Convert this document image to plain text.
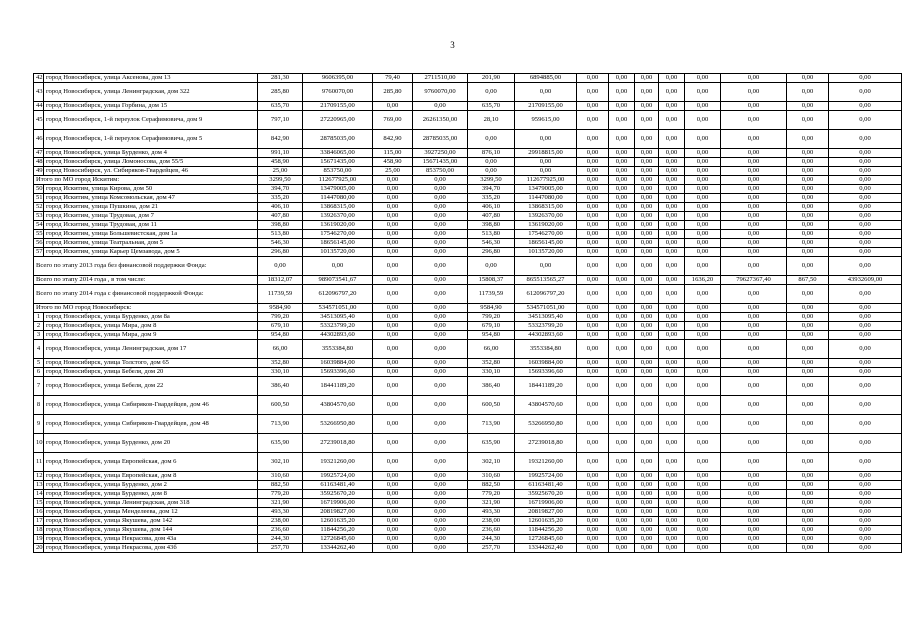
3
42	город Новосибирск, улица Аксенова, дом 13	281,30	9606395,00	79,40	2711510,00	201,90	6894885,00	0,00	0,00	0,00	0,00	0,00	0,00	0,00	0,00
43	город Новосибирск, улица Ленинградская, дом 322	285,80	9760070,00	285,80	9760070,00	0,00	0,00	0,00	0,00	0,00	0,00	0,00	0,00	0,00	0,00
44	город Новосибирск, улица Горбина, дом 15	635,70	21709155,00	0,00	0,00	635,70	21709155,00	0,00	0,00	0,00	0,00	0,00	0,00	0,00	0,00
45	город Новосибирск, 1-й переулок Серафимовича, дом 9	797,10	27220965,00	769,00	26261350,00	28,10	959615,00	0,00	0,00	0,00	0,00	0,00	0,00	0,00	0,00
46	город Новосибирск, 1-й переулок Серафимовича, дом 5	842,90	28785035,00	842,90	28785035,00	0,00	0,00	0,00	0,00	0,00	0,00	0,00	0,00	0,00	0,00
47	город Новосибирск, улица Бурденко, дом 4	991,10	33846065,00	115,00	3927250,00	876,10	29918815,00	0,00	0,00	0,00	0,00	0,00	0,00	0,00	0,00
48	город Новосибирск, улица Ломоносова, дом 55/5	458,90	15671435,00	458,90	15671435,00	0,00	0,00	0,00	0,00	0,00	0,00	0,00	0,00	0,00	0,00
49	город Новосибирск, ул. Сибиряков-Гвардейцев, 46	25,00	853750,00	25,00	853750,00	0,00	0,00	0,00	0,00	0,00	0,00	0,00	0,00	0,00	0,00
Итого по МО город Искитим:		3299,50	112677925,00	0,00	0,00	3299,50	112677925,00	0,00	0,00	0,00	0,00	0,00	0,00	0,00	0,00
50	город Искитим, улица Кирова, дом 50	394,70	13479005,00	0,00	0,00	394,70	13479005,00	0,00	0,00	0,00	0,00	0,00	0,00	0,00	0,00
51	город Искитим, улица Комсомольская, дом 47	335,20	11447080,00	0,00	0,00	335,20	11447080,00	0,00	0,00	0,00	0,00	0,00	0,00	0,00	0,00
52	город Искитим, улица Пушкина, дом 21	406,10	13868315,00	0,00	0,00	406,10	13868315,00	0,00	0,00	0,00	0,00	0,00	0,00	0,00	0,00
53	город Искитим, улица Трудовая, дом 7	407,80	13926370,00	0,00	0,00	407,80	13926370,00	0,00	0,00	0,00	0,00	0,00	0,00	0,00	0,00
54	город Искитим, улица Трудовая, дом 11	398,80	13619020,00	0,00	0,00	398,80	13619020,00	0,00	0,00	0,00	0,00	0,00	0,00	0,00	0,00
55	город Искитим, улица Большевистская, дом 1а	513,80	17546270,00	0,00	0,00	513,80	17546270,00	0,00	0,00	0,00	0,00	0,00	0,00	0,00	0,00
56	город Искитим, улица Театральная, дом 5	546,30	18656145,00	0,00	0,00	546,30	18656145,00	0,00	0,00	0,00	0,00	0,00	0,00	0,00	0,00
57	город Искитим, улица Карьер Цемзавода, дом 5	296,80	10135720,00	0,00	0,00	296,80	10135720,00	0,00	0,00	0,00	0,00	0,00	0,00	0,00	0,00
Всего по этапу 2013 года без финансовой поддержки Фонда:		0,00	0,00	0,00	0,00	0,00	0,00	0,00	0,00	0,00	0,00	0,00	0,00	0,00	0,00
Всего по этапу 2014 года , в том числе:		18312,07	989073541,67	0,00	0,00	15808,37	865513565,27	0,00	0,00	0,00	0,00	1636,20	79627367,40	867,50	43932609,00
Всего по этапу 2014 года с финансовой поддержкой Фонда:		11739,59	612096797,20	0,00	0,00	11739,59	612096797,20	0,00	0,00	0,00	0,00	0,00	0,00	0,00	0,00
Итого по МО город Новосибирск:		9584,90	534571051,00	0,00	0,00	9584,90	534571051,00	0,00	0,00	0,00	0,00	0,00	0,00	0,00	0,00
1	город Новосибирск, улица Бурденко, дом 8а	799,20	34513095,40	0,00	0,00	799,20	34513095,40	0,00	0,00	0,00	0,00	0,00	0,00	0,00	0,00
2	город Новосибирск, улица Мира, дом 8	679,10	53323799,20	0,00	0,00	679,10	53323799,20	0,00	0,00	0,00	0,00	0,00	0,00	0,00	0,00
3	город Новосибирск, улица Мира, дом 9	954,80	44302893,60	0,00	0,00	954,80	44302893,60	0,00	0,00	0,00	0,00	0,00	0,00	0,00	0,00
4	город Новосибирск, улица Ленинградская, дом 17	66,00	3553384,80	0,00	0,00	66,00	3553384,80	0,00	0,00	0,00	0,00	0,00	0,00	0,00	0,00
5	город Новосибирск, улица Толстого, дом 65	352,80	16039884,00	0,00	0,00	352,80	16039884,00	0,00	0,00	0,00	0,00	0,00	0,00	0,00	0,00
6	город Новосибирск, улица Бебеля, дом 20	330,10	15693396,60	0,00	0,00	330,10	15693396,60	0,00	0,00	0,00	0,00	0,00	0,00	0,00	0,00
7	город Новосибирск, улица Бебеля, дом 22	386,40	18441189,20	0,00	0,00	386,40	18441189,20	0,00	0,00	0,00	0,00	0,00	0,00	0,00	0,00
8	город Новосибирск, улица Сибиряков-Гвардейцев, дом 46	600,50	43804570,60	0,00	0,00	600,50	43804570,60	0,00	0,00	0,00	0,00	0,00	0,00	0,00	0,00
9	город Новосибирск, улица Сибиряков-Гвардейцев, дом 48	713,90	53266950,80	0,00	0,00	713,90	53266950,80	0,00	0,00	0,00	0,00	0,00	0,00	0,00	0,00
10	город Новосибирск, улица Бурденко, дом 20	635,90	27239018,80	0,00	0,00	635,90	27239018,80	0,00	0,00	0,00	0,00	0,00	0,00	0,00	0,00
11	город Новосибирск, улица Европейская, дом 6	302,10	19321260,00	0,00	0,00	302,10	19321260,00	0,00	0,00	0,00	0,00	0,00	0,00	0,00	0,00
12	город Новосибирск, улица Европейская, дом 8	310,60	19925724,00	0,00	0,00	310,60	19925724,00	0,00	0,00	0,00	0,00	0,00	0,00	0,00	0,00
13	город Новосибирск, улица Бурденко, дом 2	882,50	61163481,40	0,00	0,00	882,50	61163481,40	0,00	0,00	0,00	0,00	0,00	0,00	0,00	0,00
14	город Новосибирск, улица Бурденко, дом 8	779,20	35925670,20	0,00	0,00	779,20	35925670,20	0,00	0,00	0,00	0,00	0,00	0,00	0,00	0,00
15	город Новосибирск, улица Ленинградская, дом 318	321,90	16719906,00	0,00	0,00	321,90	16719906,00	0,00	0,00	0,00	0,00	0,00	0,00	0,00	0,00
16	город Новосибирск, улица Менделеева, дом 12	493,30	20819827,00	0,00	0,00	493,30	20819827,00	0,00	0,00	0,00	0,00	0,00	0,00	0,00	0,00
17	город Новосибирск, улица Якушева, дом 142	238,00	12601635,20	0,00	0,00	238,00	12601635,20	0,00	0,00	0,00	0,00	0,00	0,00	0,00	0,00
18	город Новосибирск, улица Якушева, дом 144	236,60	11844256,20	0,00	0,00	236,60	11844256,20	0,00	0,00	0,00	0,00	0,00	0,00	0,00	0,00
19	город Новосибирск, улица Некрасова, дом 43а	244,30	12726845,60	0,00	0,00	244,30	12726845,60	0,00	0,00	0,00	0,00	0,00	0,00	0,00	0,00
20	город Новосибирск, улица Некрасова, дом 43б	257,70	13344262,40	0,00	0,00	257,70	13344262,40	0,00	0,00	0,00	0,00	0,00	0,00	0,00	0,00
